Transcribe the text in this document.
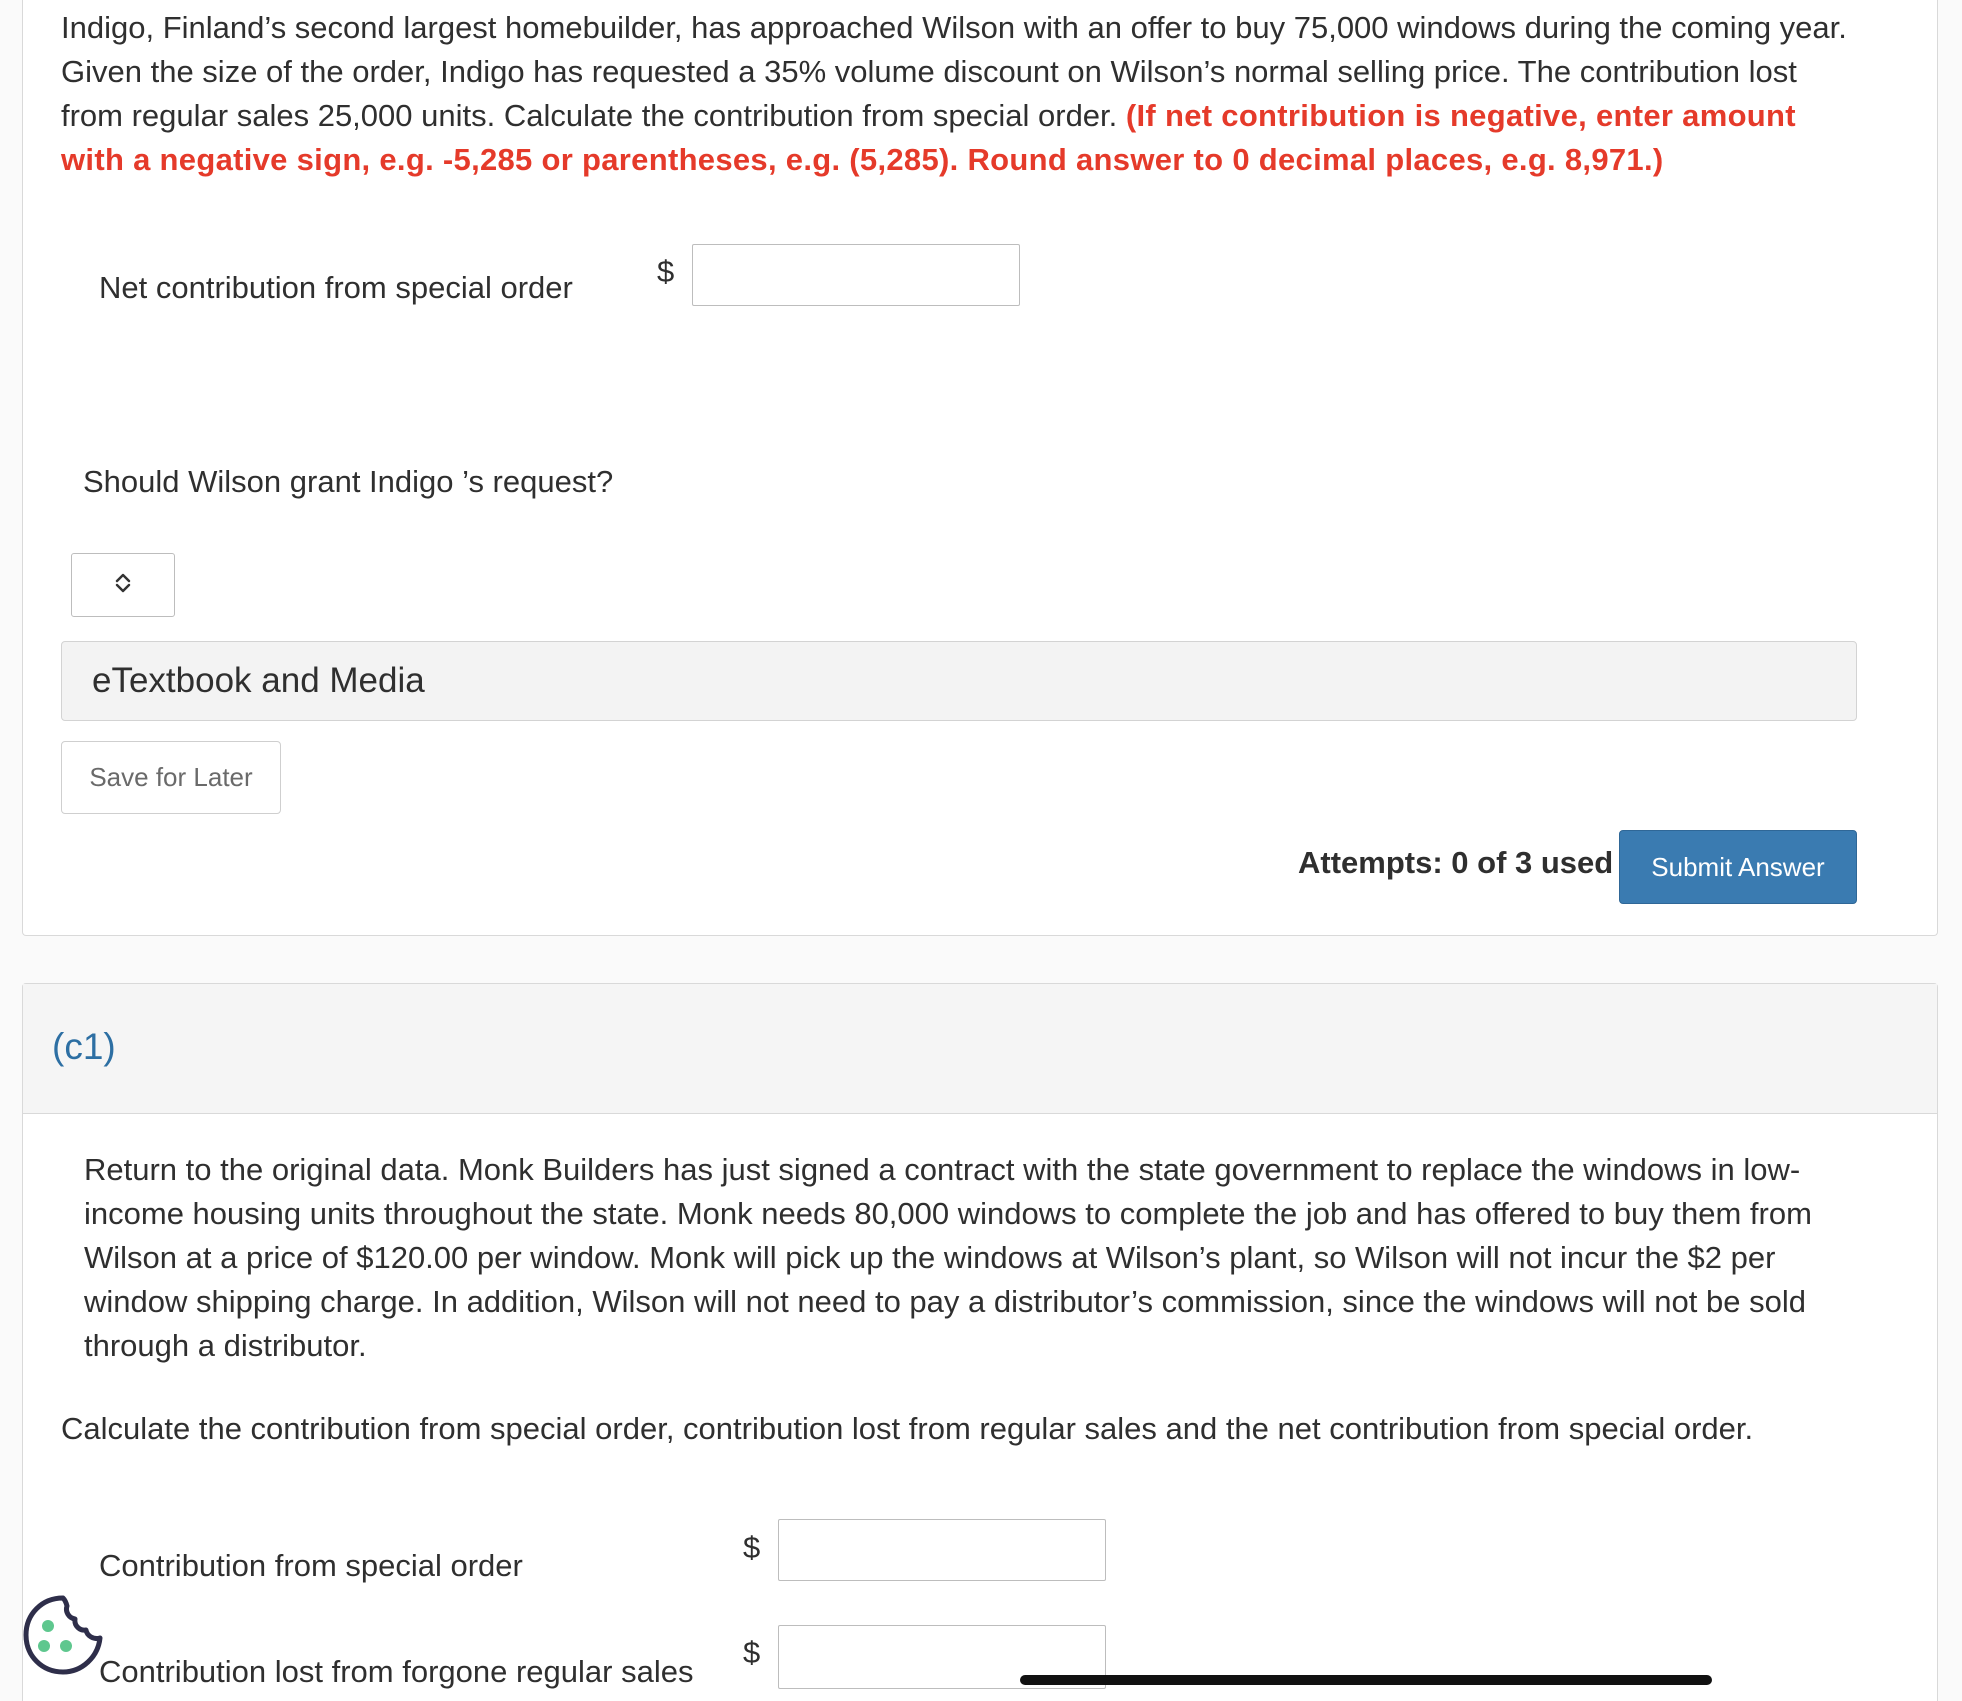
Indigo, Finland’s second largest homebuilder, has approached Wilson with an offer to buy 75,000 windows during the coming year. Given the size of the order, Indigo has requested a 35% volume discount on Wilson’s normal selling price. The contribution lost from regular sales 25,000 units. Calculate the contribution from special order. (If net contribution is negative, enter amount with a negative sign, e.g. -5,285 or parentheses, e.g. (5,285). Round answer to 0 decimal places, e.g. 8,971.)
Net contribution from special order	$
Should Wilson grant Indigo ’s request?
eTextbook and Media
Save for Later
Attempts: 0 of 3 used	Submit Answer
(c1)
Return to the original data. Monk Builders has just signed a contract with the state government to replace the windows in low-income housing units throughout the state. Monk needs 80,000 windows to complete the job and has offered to buy them from Wilson at a price of $120.00 per window. Monk will pick up the windows at Wilson’s plant, so Wilson will not incur the $2 per window shipping charge. In addition, Wilson will not need to pay a distributor’s commission, since the windows will not be sold through a distributor.
Calculate the contribution from special order, contribution lost from regular sales and the net contribution from special order.
Contribution from special order
$
Contribution lost from forgone regular sales
$
